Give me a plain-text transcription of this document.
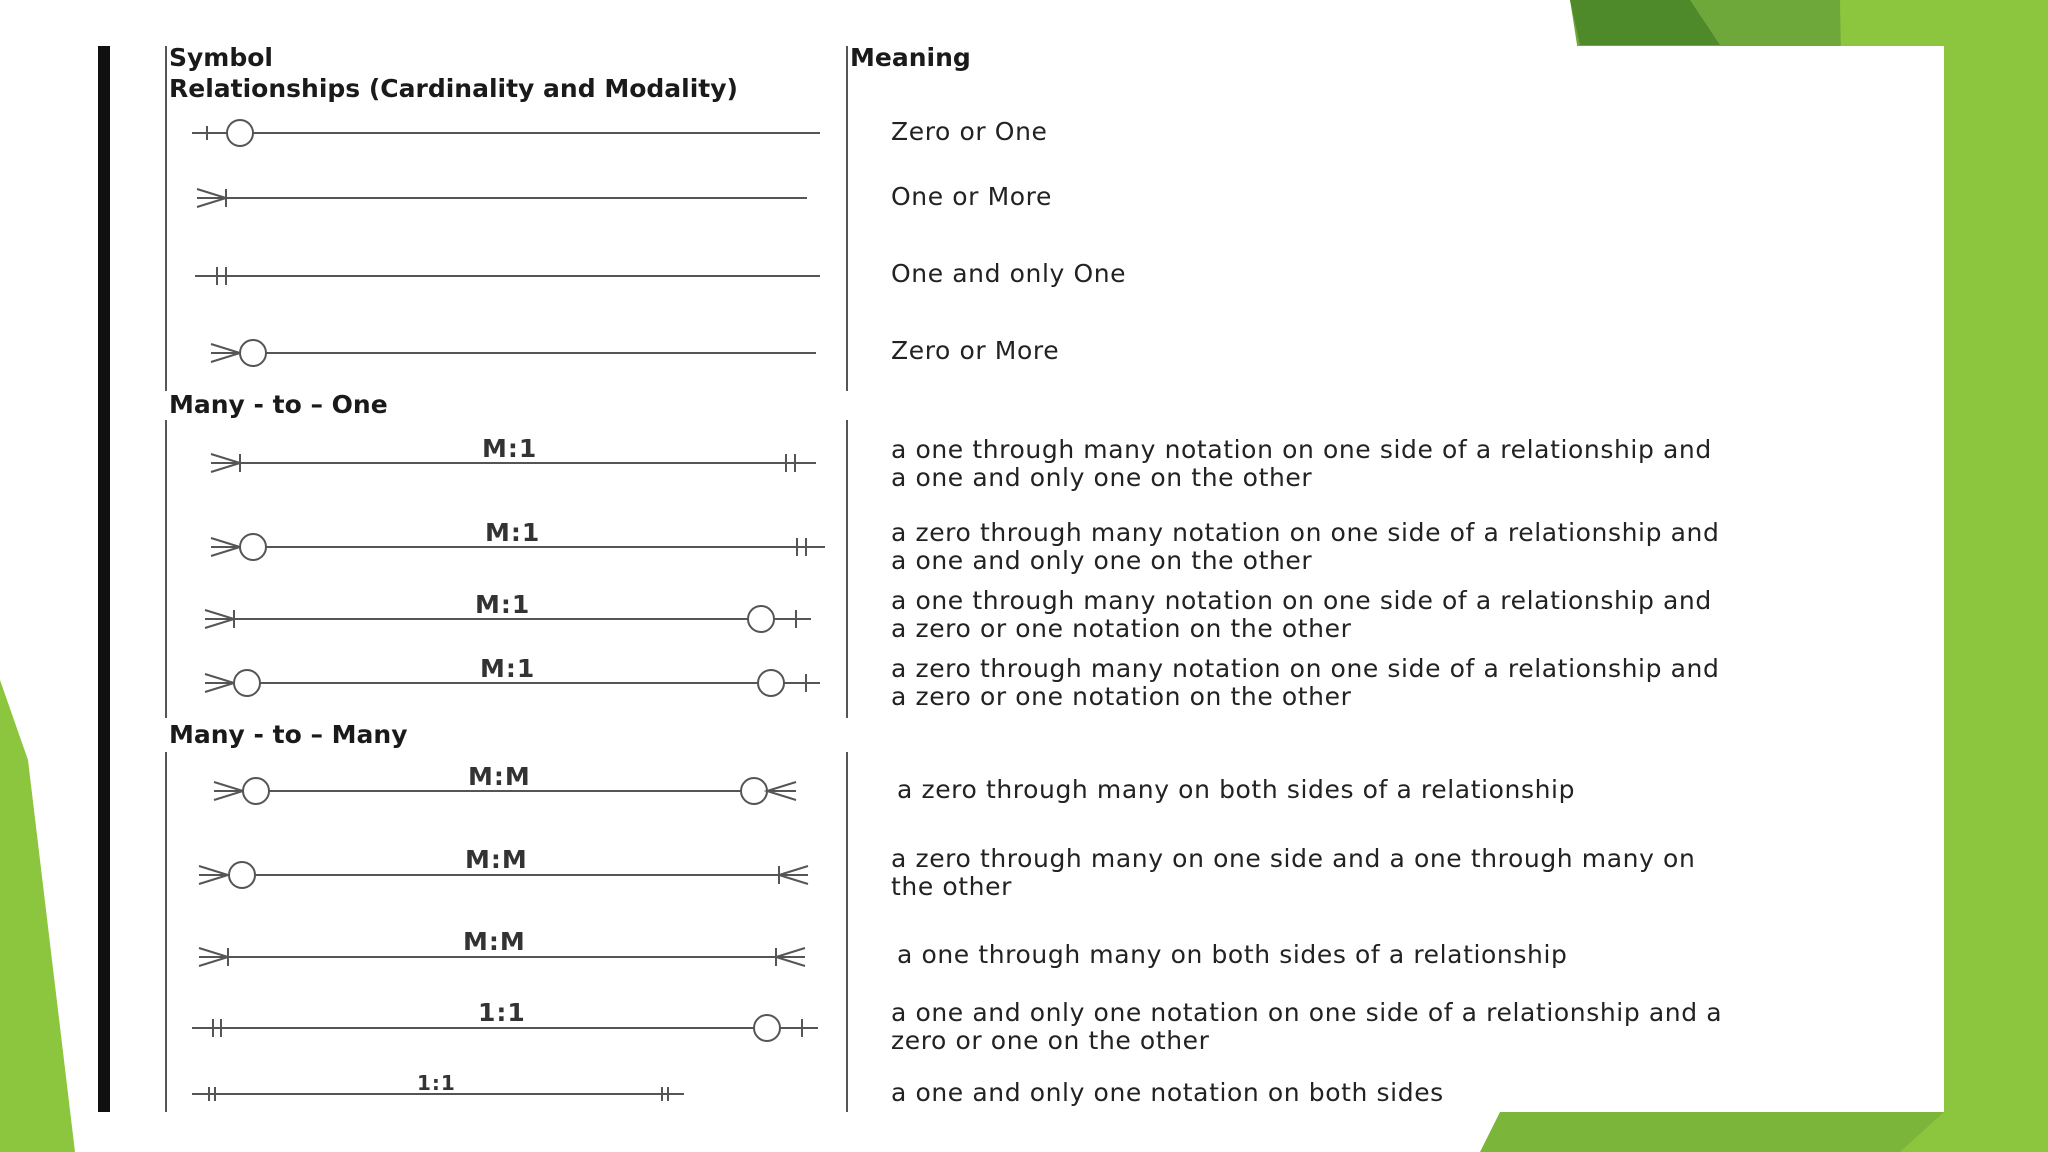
Symbol
Relationships (Cardinality and Modality)
Meaning
Zero or One
One or More
One and only One
Zero or More
Many - to – One
Many - to – Many
M:1
M:1
M:1
M:1
a one through many notation on one side of a relationship and
a one and only one on the other
a zero through many notation on one side of a relationship and
a one and only one on the other
a one through many notation on one side of a relationship and
a zero or one notation on the other
a zero through many notation on one side of a relationship and
a zero or one notation on the other
M:M
M:M
M:M
1:1
1:1
a zero through many on both sides of a relationship
a zero through many on one side and a one through many on
the other
a one through many on both sides of a relationship
a one and only one notation on one side of a relationship and a
zero or one on the other
a one and only one notation on both sides
